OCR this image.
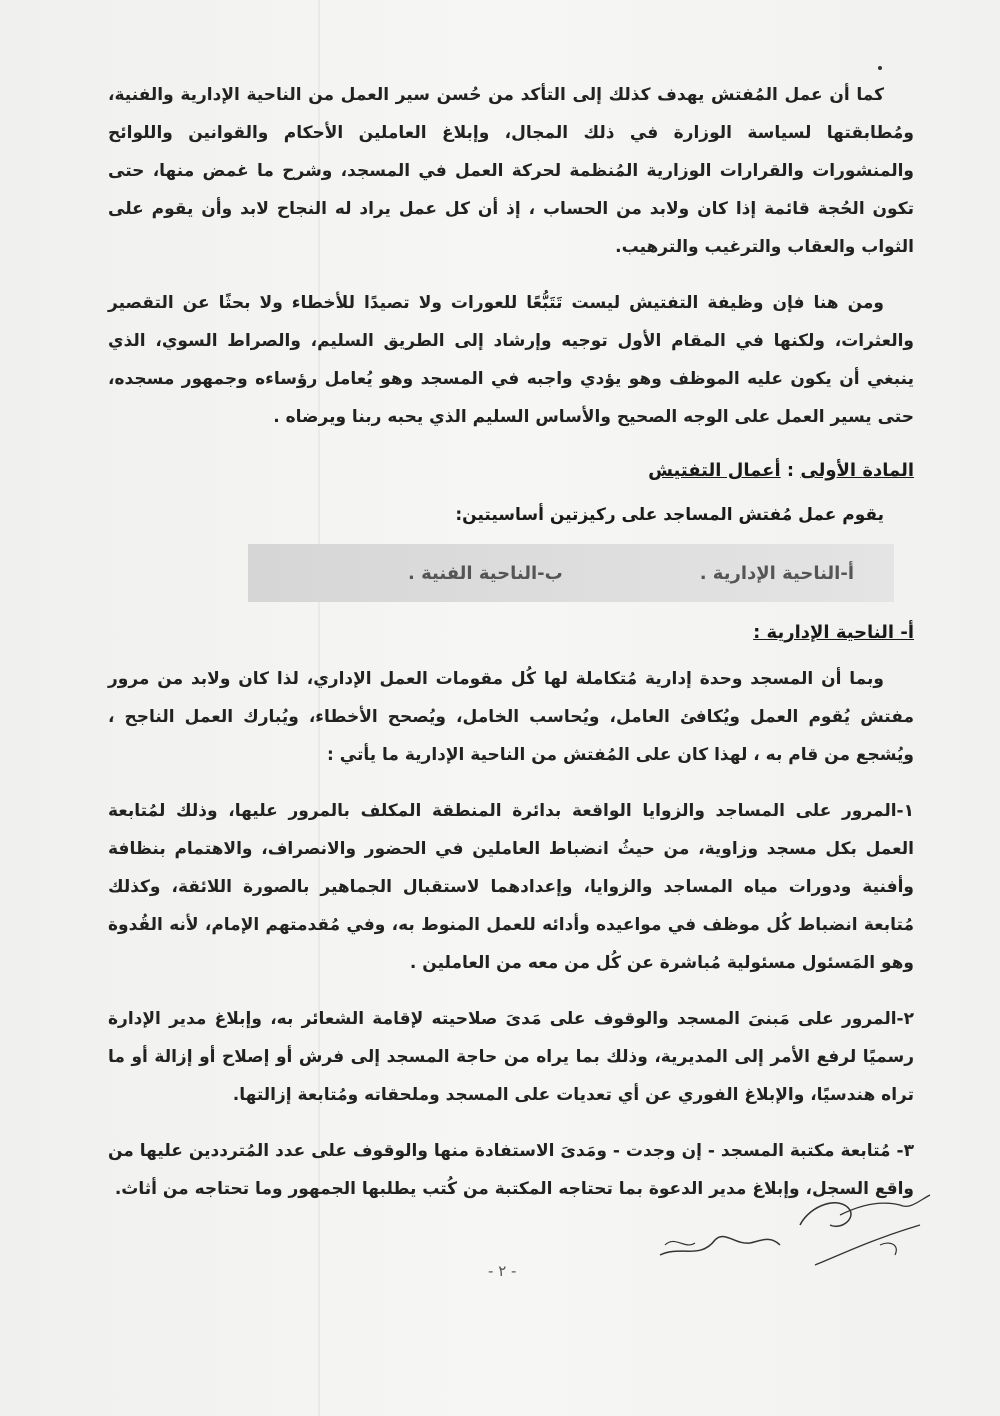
كما أن عمل المُفتش يهدف كذلك إلى التأكد من حُسن سير العمل من الناحية الإدارية والفنية، ومُطابقتها لسياسة الوزارة في ذلك المجال، وإبلاغ العاملين الأحكام والقوانين واللوائح والمنشورات والقرارات الوزارية المُنظمة لحركة العمل في المسجد، وشرح ما غمض منها، حتى تكون الحُجة قائمة إذا كان ولابد من الحساب ، إذ أن كل عمل يراد له النجاح لابد وأن يقوم على الثواب والعقاب والترغيب والترهيب.

ومن هنا فإن وظيفة التفتيش ليست تَتَبُّعًا للعورات ولا تصيدًا للأخطاء ولا بحثًا عن التقصير والعثرات، ولكنها في المقام الأول توجيه وإرشاد إلى الطريق السليم، والصراط السوي، الذي ينبغي أن يكون عليه الموظف وهو يؤدي واجبه في المسجد وهو يُعامل رؤساءه وجمهور مسجده، حتى يسير العمل على الوجه الصحيح والأساس السليم الذي يحبه ربنا ويرضاه .

المادة الأولى : أعمال التفتيش

يقوم عمل مُفتش المساجد على ركيزتين أساسيتين:

أ-الناحية الإدارية .
ب-الناحية الفنية .
أ- الناحية الإدارية :

وبما أن المسجد وحدة إدارية مُتكاملة لها كُل مقومات العمل الإداري، لذا كان ولابد من مرور مفتش يُقوم العمل ويُكافئ العامل، ويُحاسب الخامل، ويُصحح الأخطاء، ويُبارك العمل الناجح ، ويُشجع من قام به ، لهذا كان على المُفتش من الناحية الإدارية ما يأتي :

١-المرور على المساجد والزوايا الواقعة بدائرة المنطقة المكلف بالمرور عليها، وذلك لمُتابعة العمل بكل مسجد وزاوية، من حيثُ انضباط العاملين في الحضور والانصراف، والاهتمام بنظافة وأفنية ودورات مياه المساجد والزوايا، وإعدادهما لاستقبال الجماهير بالصورة اللائقة، وكذلك مُتابعة انضباط كُل موظف في مواعيده وأدائه للعمل المنوط به، وفي مُقدمتهم الإمام، لأنه القُدوة وهو المَسئول مسئولية مُباشرة عن كُل من معه من العاملين .

٢-المرور على مَبنىَ المسجد والوقوف على مَدىَ صلاحيته لإقامة الشعائر به، وإبلاغ مدير الإدارة رسميًا لرفع الأمر إلى المديرية، وذلك بما يراه من حاجة المسجد إلى فرش أو إصلاح أو إزالة أو ما تراه هندسيًا، والإبلاغ الفوري عن أي تعديات على المسجد وملحقاته ومُتابعة إزالتها.

٣- مُتابعة مكتبة المسجد - إن وجدت - ومَدىَ الاستفادة منها والوقوف على عدد المُترددين عليها من واقع السجل، وإبلاغ مدير الدعوة بما تحتاجه المكتبة من كُتب يطلبها الجمهور وما تحتاجه من أثاث.

- ٢ -
